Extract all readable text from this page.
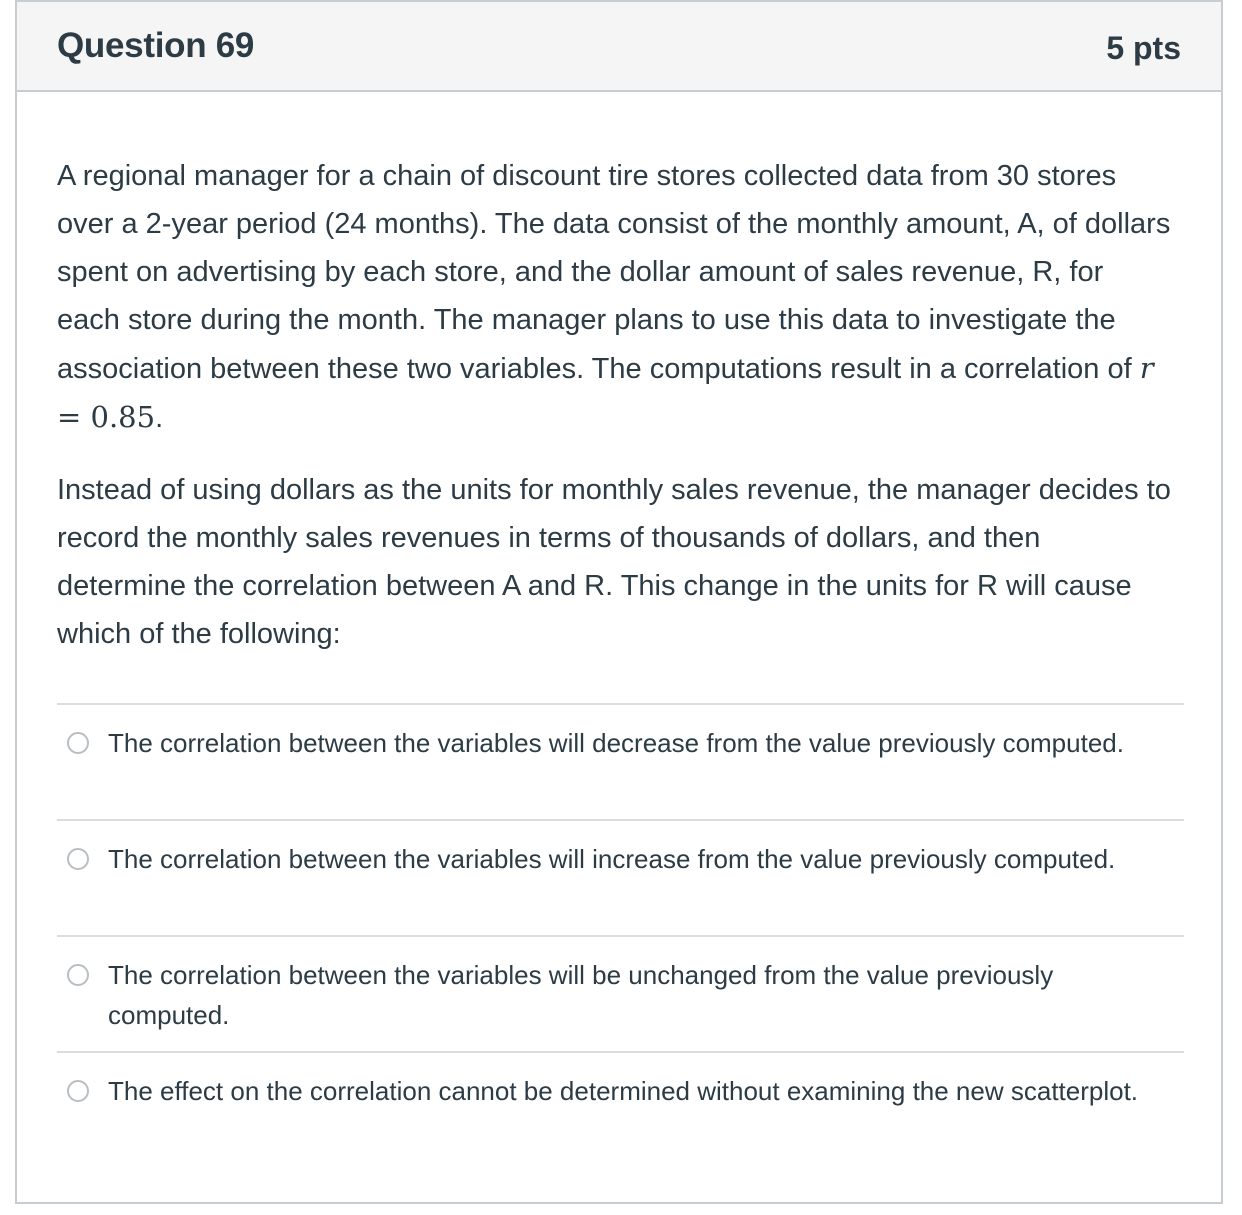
Question 69	5 pts

A regional manager for a chain of discount tire stores collected data from 30 stores over a 2-year period (24 months). The data consist of the monthly amount, A, of dollars spent on advertising by each store, and the dollar amount of sales revenue, R, for each store during the month. The manager plans to use this data to investigate the association between these two variables. The computations result in a correlation of r = 0.85.

Instead of using dollars as the units for monthly sales revenue, the manager decides to record the monthly sales revenues in terms of thousands of dollars, and then determine the correlation between A and R. This change in the units for R will cause which of the following:

The correlation between the variables will decrease from the value previously computed.
The correlation between the variables will increase from the value previously computed.
The correlation between the variables will be unchanged from the value previously computed.
The effect on the correlation cannot be determined without examining the new scatterplot.
